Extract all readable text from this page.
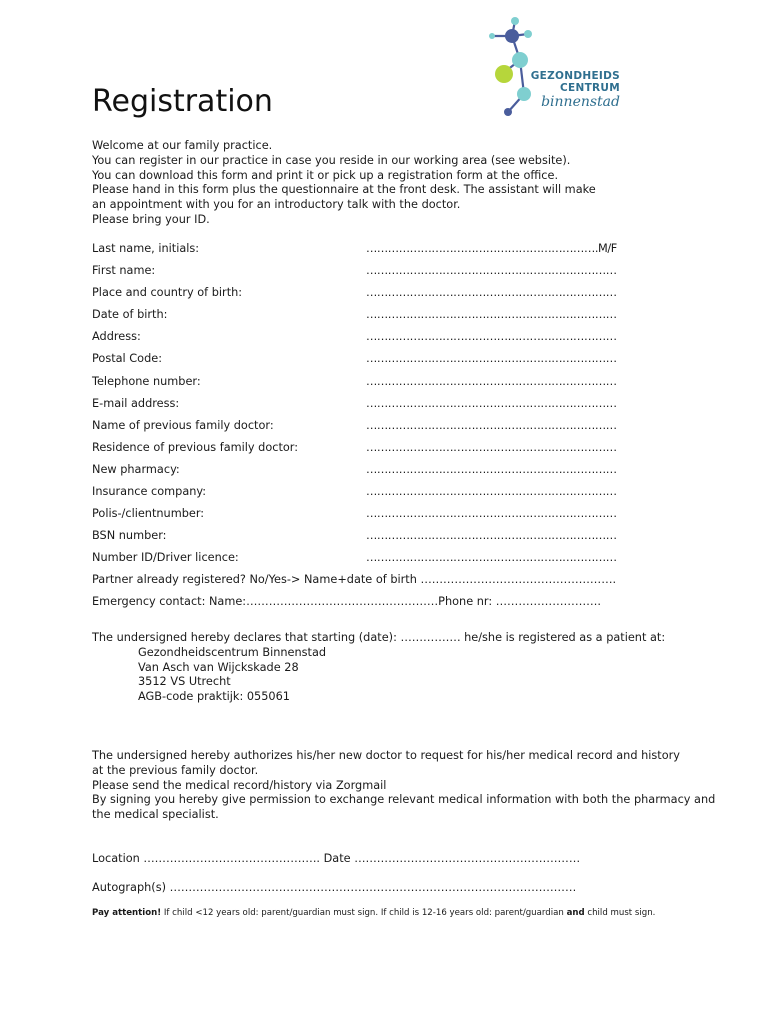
GEZONDHEIDS
CENTRUM
binnenstad
Registration
Welcome at our family practice.
You can register in our practice in case you reside in our working area (see website).
You can download this form and print it or pick up a registration form at the office.
Please hand in this form plus the questionnaire at the front desk. The assistant will make
an appointment with you for an introductory talk with the doctor.
Please bring your ID.
Last name, initials:	……………………………………………………….M/F
First name:	……………………………………………………………
Place and country of birth:	……………………………………………………………
Date of birth:	……………………………………………………………
Address:	……………………………………………………………
Postal Code:	……………………………………………………………
Telephone number:	……………………………………………………………
E-mail address:	……………………………………………………………
Name of previous family doctor:	……………………………………………………………
Residence of previous family doctor:	……………………………………………………………
New pharmacy:	……………………………………………………………
Insurance company:	……………………………………………………………
Polis-/clientnumber:	……………………………………………………………
BSN number:	……………………………………………………………
Number ID/Driver licence:	……………………………………………………………
Partner already registered? No/Yes-> Name+date of birth …………………………………………….
Emergency contact: Name:……………………………………………Phone nr: ……………………….
The undersigned hereby declares that starting (date): ……………. he/she is registered as a patient at:
Gezondheidscentrum Binnenstad
Van Asch van Wijckskade 28
3512 VS Utrecht
AGB-code praktijk: 055061
The undersigned hereby authorizes his/her new doctor to request for his/her medical record and history
at the previous family doctor.
Please send the medical record/history via Zorgmail
By signing you hereby give permission to exchange relevant medical information with both the pharmacy and
the medical specialist.
Location ……………………………………….. Date ……………………………………………………
Autograph(s) ………………………………………………………………………………………………
Pay attention! If child <12 years old: parent/guardian must sign. If child is 12-16 years old: parent/guardian and child must sign.
